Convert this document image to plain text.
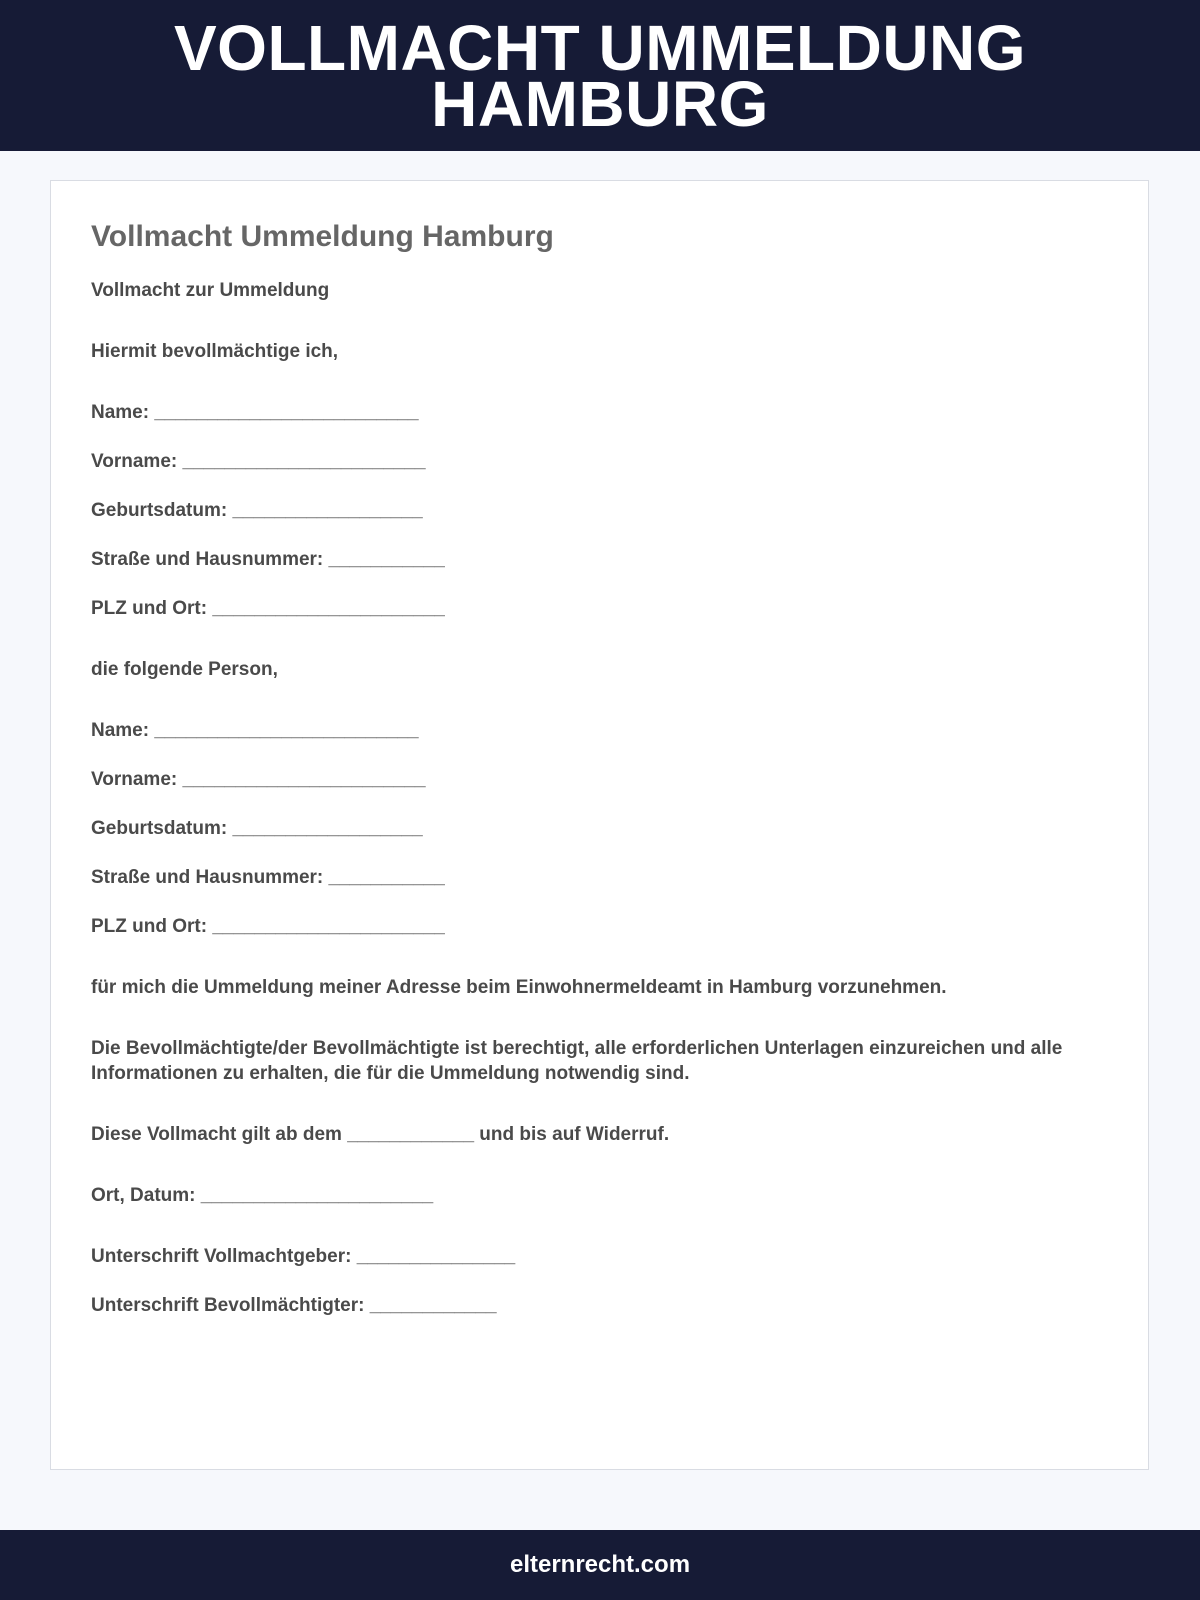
VOLLMACHT UMMELDUNG HAMBURG
Vollmacht Ummeldung Hamburg

Vollmacht zur Ummeldung

Hiermit bevollmächtige ich,

Name: _________________________

Vorname: _______________________

Geburtsdatum: __________________

Straße und Hausnummer: ___________

PLZ und Ort: ______________________

die folgende Person,

Name: _________________________

Vorname: _______________________

Geburtsdatum: __________________

Straße und Hausnummer: ___________

PLZ und Ort: ______________________

für mich die Ummeldung meiner Adresse beim Einwohnermeldeamt in Hamburg vorzunehmen.

Die Bevollmächtigte/der Bevollmächtigte ist berechtigt, alle erforderlichen Unterlagen einzureichen und alle Informationen zu erhalten, die für die Ummeldung notwendig sind.

Diese Vollmacht gilt ab dem ____________ und bis auf Widerruf.

Ort, Datum: ______________________

Unterschrift Vollmachtgeber: _______________

Unterschrift Bevollmächtigter: ____________

elternrecht.com
